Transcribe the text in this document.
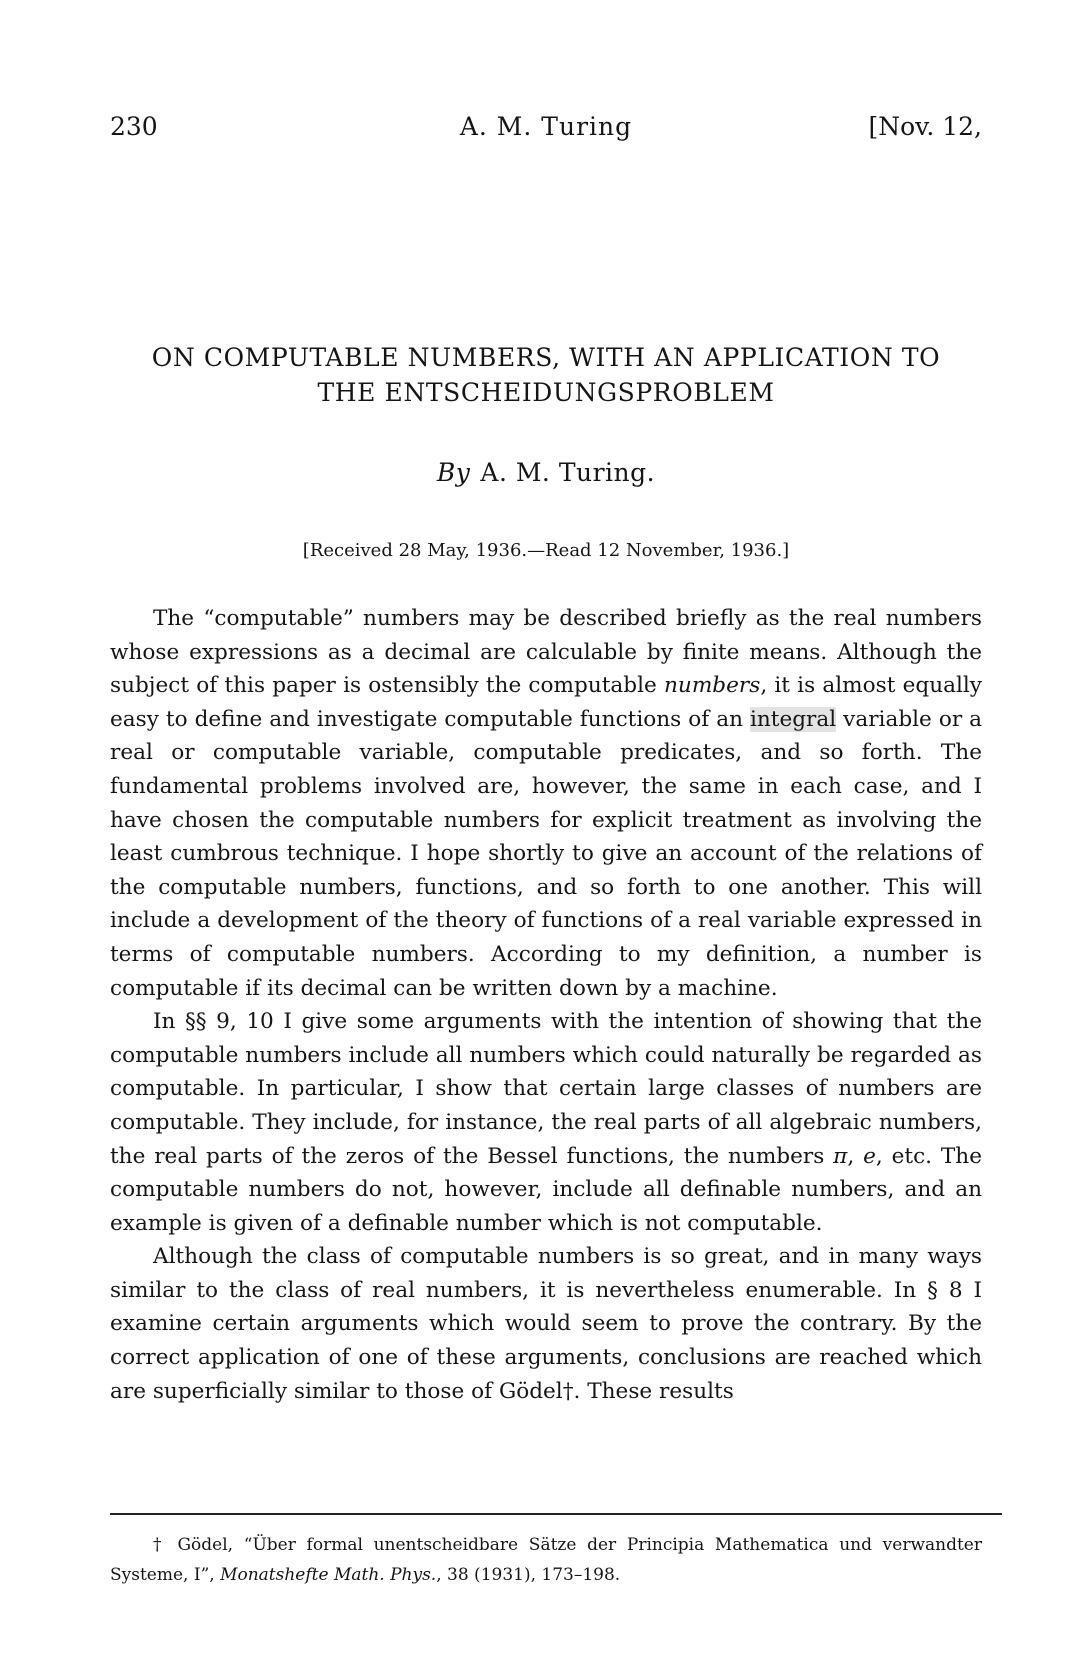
230	A. M. Turing	[Nov. 12,
ON COMPUTABLE NUMBERS, WITH AN APPLICATION TO
THE ENTSCHEIDUNGSPROBLEM
By A. M. Turing.
[Received 28 May, 1936.—Read 12 November, 1936.]

The “computable” numbers may be described briefly as the real numbers whose expressions as a decimal are calculable by finite means. Although the subject of this paper is ostensibly the computable numbers, it is almost equally easy to define and investigate computable functions of an integral variable or a real or computable variable, computable predicates, and so forth. The fundamental problems involved are, however, the same in each case, and I have chosen the computable numbers for explicit treatment as involving the least cumbrous technique. I hope shortly to give an account of the relations of the computable numbers, functions, and so forth to one another. This will include a development of the theory of functions of a real variable expressed in terms of computable numbers. According to my definition, a number is computable if its decimal can be written down by a machine.

In §§ 9, 10 I give some arguments with the intention of showing that the computable numbers include all numbers which could naturally be regarded as computable. In particular, I show that certain large classes of numbers are computable. They include, for instance, the real parts of all algebraic numbers, the real parts of the zeros of the Bessel functions, the numbers π, e, etc. The computable numbers do not, however, include all definable numbers, and an example is given of a definable number which is not computable.

Although the class of computable numbers is so great, and in many ways similar to the class of real numbers, it is nevertheless enumerable. In § 8 I examine certain arguments which would seem to prove the contrary. By the correct application of one of these arguments, conclusions are reached which are superficially similar to those of Gödel†. These results

† Gödel, “Über formal unentscheidbare Sätze der Principia Mathematica und verwandter Systeme, I”, Monatshefte Math. Phys., 38 (1931), 173–198.
